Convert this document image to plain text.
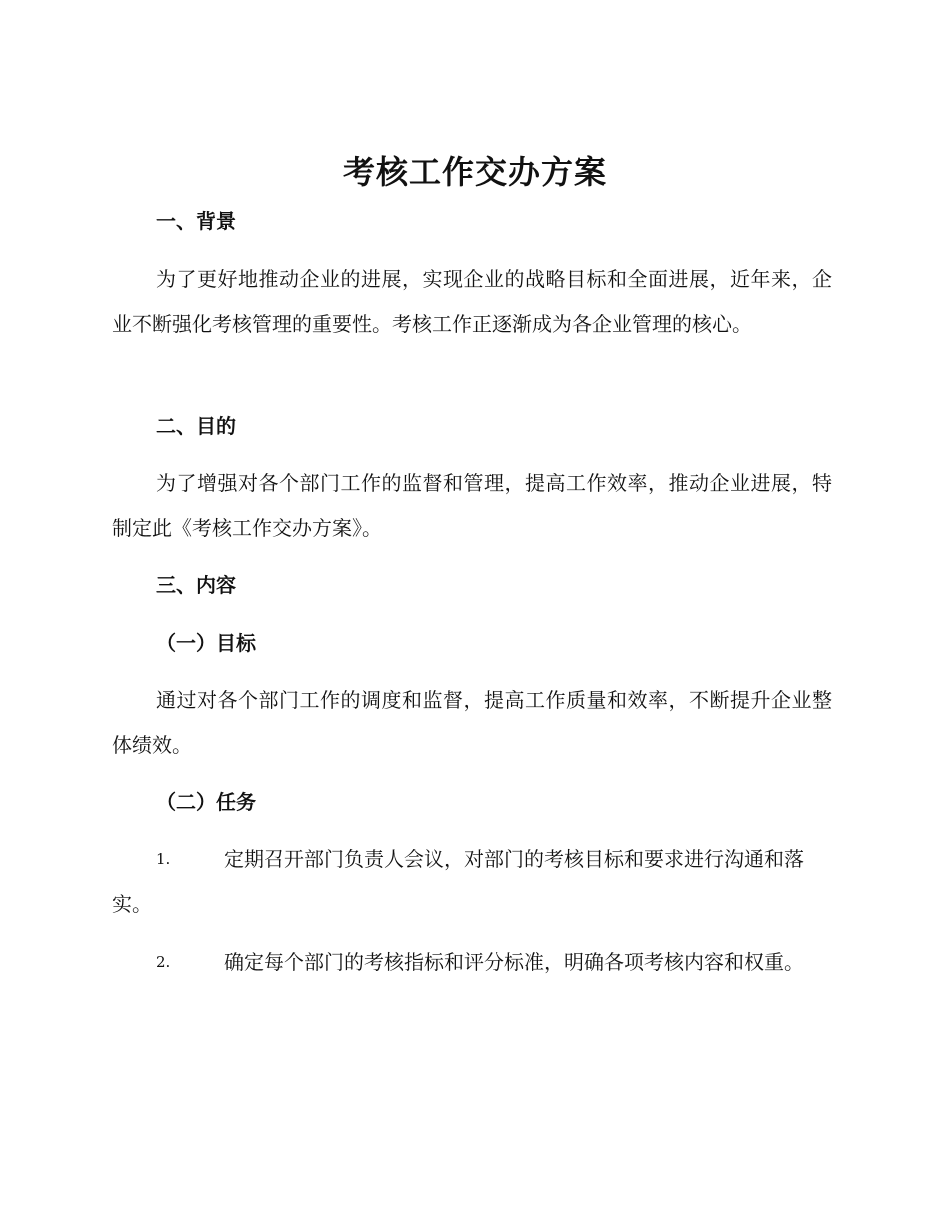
考核工作交办方案
一、背景

为了更好地推动企业的进展，实现企业的战略目标和全面进展，近年来，企业不断强化考核管理的重要性。考核工作正逐渐成为各企业管理的核心。

二、目的

为了增强对各个部门工作的监督和管理，提高工作效率，推动企业进展，特制定此《考核工作交办方案》。

三、内容
（一）目标

通过对各个部门工作的调度和监督，提高工作质量和效率，不断提升企业整体绩效。

（二）任务

1.	定期召开部门负责人会议，对部门的考核目标和要求进行沟通和落实。

2.	确定每个部门的考核指标和评分标准，明确各项考核内容和权重。
